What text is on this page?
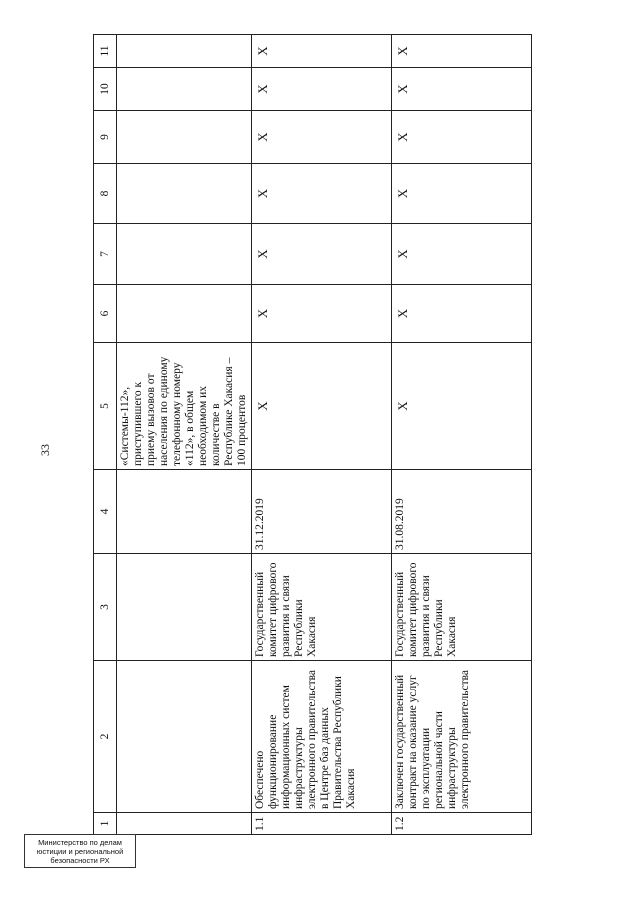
33
1	2	3	4	5	6	7	8	9	10	11
				«Системы-112», приступившего к приему вызовов от населения по единому телефонному номеру «112», в общем необходимом их количестве в Республике Хакасия – 100 процентов						
1.1	Обеспечено функционирование информационных систем инфраструктуры электронного правительства в Центре баз данных Правительства Республики Хакасия	Государственный комитет цифрового развития и связи Республики Хакасия	31.12.2019	X	X	X	X	X	X	X
1.2	Заключен государственный контракт на оказание услуг по эксплуатации региональной части инфраструктуры электронного правительства	Государственный комитет цифрового развития и связи Республики Хакасия	31.08.2019	X	X	X	X	X	X	X
Министерство по делам
юстиции и региональной
безопасности РХ
